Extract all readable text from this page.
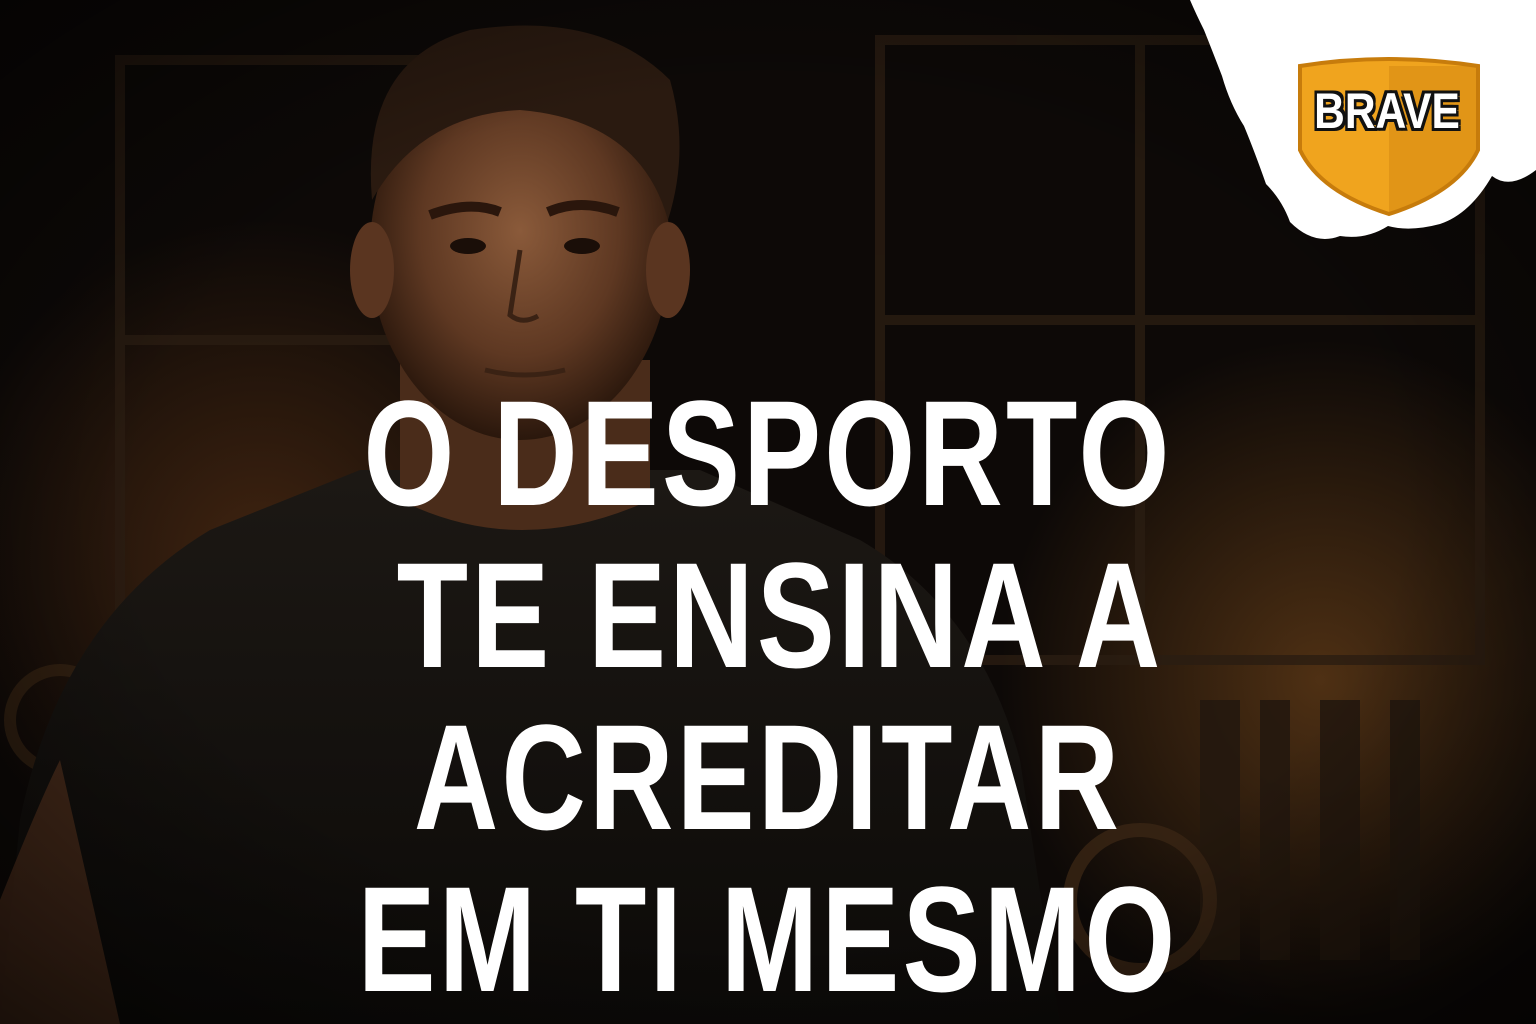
BRAVE
O DESPORTO
TE ENSINA A
ACREDITAR
EM TI MESMO
